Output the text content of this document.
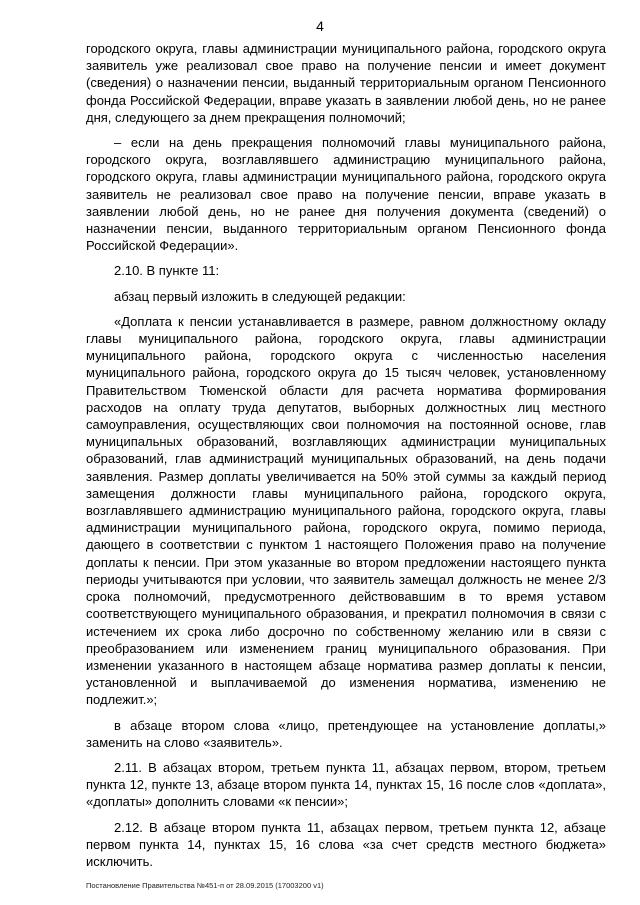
4

городского округа, главы администрации муниципального района, городского округа заявитель уже реализовал свое право на получение пенсии и имеет документ (сведения) о назначении пенсии, выданный территориальным органом Пенсионного фонда Российской Федерации, вправе указать в заявлении любой день, но не ранее дня, следующего за днем прекращения полномочий;

– если на день прекращения полномочий главы муниципального района, городского округа, возглавлявшего администрацию муниципального района, городского округа, главы администрации муниципального района, городского округа заявитель не реализовал свое право на получение пенсии, вправе указать в заявлении любой день, но не ранее дня получения документа (сведений) о назначении пенсии, выданного территориальным органом Пенсионного фонда Российской Федерации».

2.10. В пункте 11:

абзац первый изложить в следующей редакции:

«Доплата к пенсии устанавливается в размере, равном должностному окладу главы муниципального района, городского округа, главы администрации муниципального района, городского округа с численностью населения муниципального района, городского округа до 15 тысяч человек, установленному Правительством Тюменской области для расчета норматива формирования расходов на оплату труда депутатов, выборных должностных лиц местного самоуправления, осуществляющих свои полномочия на постоянной основе, глав муниципальных образований, возглавляющих администрации муниципальных образований, глав администраций муниципальных образований, на день подачи заявления. Размер доплаты увеличивается на 50% этой суммы за каждый период замещения должности главы муниципального района, городского округа, возглавлявшего администрацию муниципального района, городского округа, главы администрации муниципального района, городского округа, помимо периода, дающего в соответствии с пунктом 1 настоящего Положения право на получение доплаты к пенсии. При этом указанные во втором предложении настоящего пункта периоды учитываются при условии, что заявитель замещал должность не менее 2/3 срока полномочий, предусмотренного действовавшим в то время уставом соответствующего муниципального образования, и прекратил полномочия в связи с истечением их срока либо досрочно по собственному желанию или в связи с преобразованием или изменением границ муниципального образования. При изменении указанного в настоящем абзаце норматива размер доплаты к пенсии, установленной и выплачиваемой до изменения норматива, изменению не подлежит.»;

в абзаце втором слова «лицо, претендующее на установление доплаты,» заменить на слово «заявитель».

2.11. В абзацах втором, третьем пункта 11, абзацах первом, втором, третьем пункта 12, пункте 13, абзаце втором пункта 14, пунктах 15, 16 после слов «доплата», «доплаты» дополнить словами «к пенсии»;

2.12. В абзаце втором пункта 11, абзацах первом, третьем пункта 12, абзаце первом пункта 14, пунктах 15, 16 слова «за счет средств местного бюджета» исключить.

Постановление Правительства №451-п от 28.09.2015 (17003200 v1)
